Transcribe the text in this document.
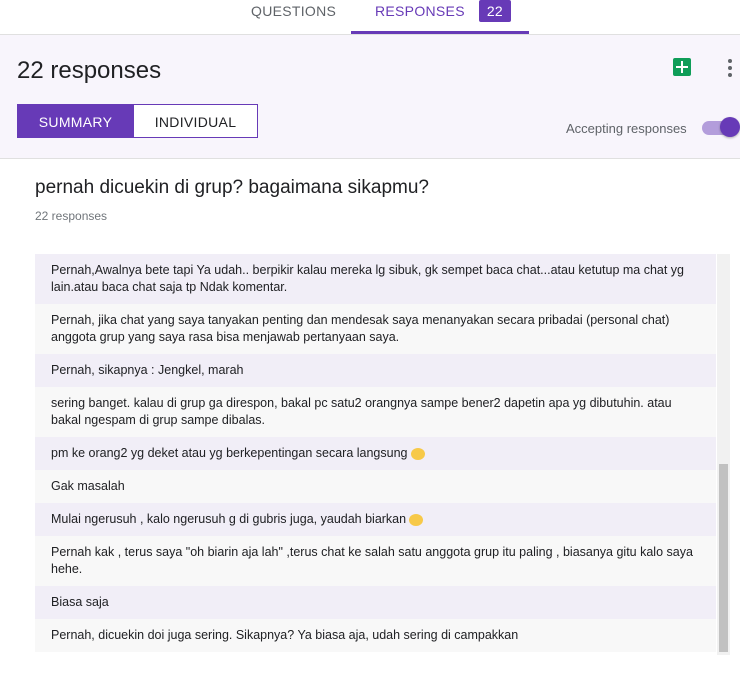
QUESTIONS	RESPONSES	22
22 responses
SUMMARY	INDIVIDUAL	Accepting responses
pernah dicuekin di grup? bagaimana sikapmu?
22 responses
Pernah,Awalnya bete tapi Ya udah.. berpikir kalau mereka lg sibuk, gk sempet baca chat...atau ketutup ma chat yg lain.atau baca chat saja tp Ndak komentar.
Pernah, jika chat yang saya tanyakan penting dan mendesak saya menanyakan secara pribadai (personal chat) anggota grup yang saya rasa bisa menjawab pertanyaan saya.
Pernah, sikapnya : Jengkel, marah
sering banget. kalau di grup ga direspon, bakal pc satu2 orangnya sampe bener2 dapetin apa yg dibutuhin. atau bakal ngespam di grup sampe dibalas.
pm ke orang2 yg deket atau yg berkepentingan secara langsung
Gak masalah
Mulai ngerusuh , kalo ngerusuh g di gubris juga, yaudah biarkan
Pernah kak , terus saya "oh biarin aja lah" ,terus chat ke salah satu anggota grup itu paling , biasanya gitu kalo saya hehe.
Biasa saja
Pernah, dicuekin doi juga sering. Sikapnya? Ya biasa aja, udah sering di campakkan
